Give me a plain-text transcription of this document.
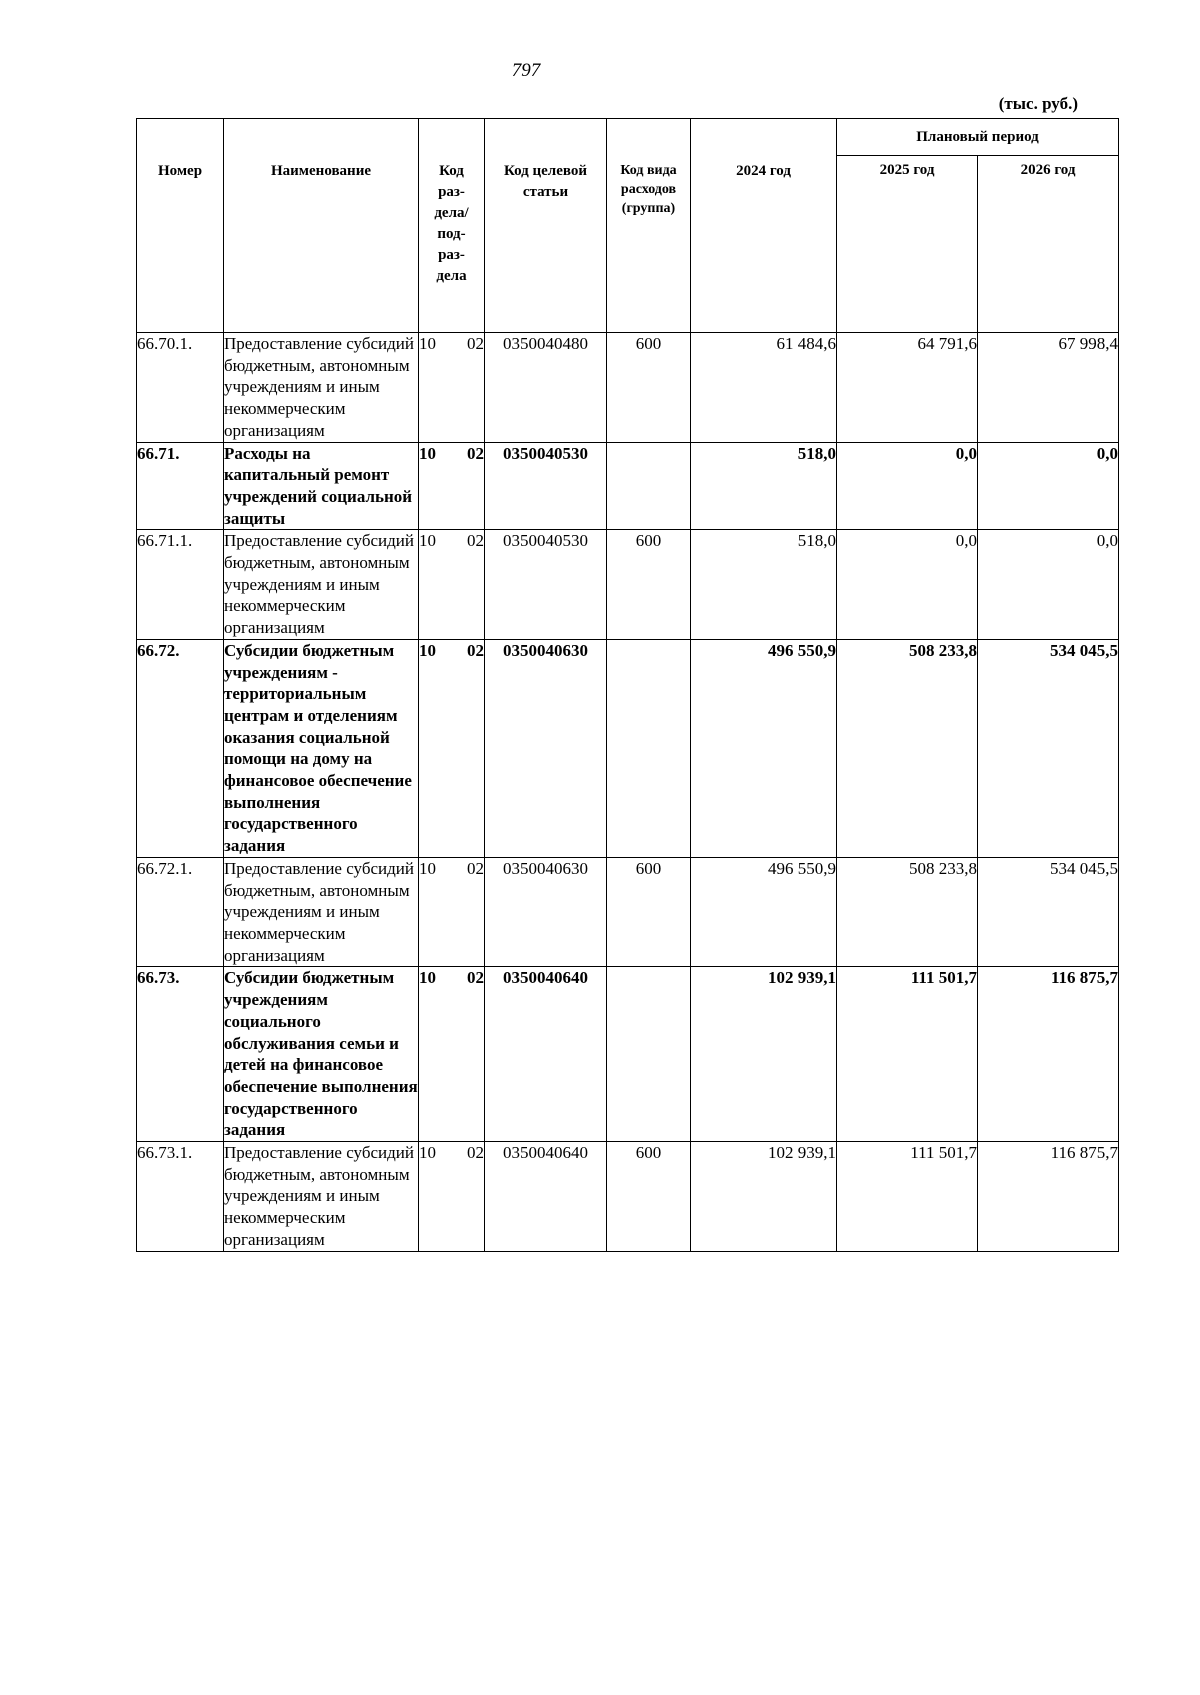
797
(тыс. руб.)
Номер	Наименование	Код раз-дела/ под-раз-дела	Код целевой статьи	Код вида расходов (группа)	2024 год	Плановый период	
						2025 год	2026 год
66.70.1.	Предоставление субсидий бюджетным, автономным учреждениям и иным некоммерческим организациям	10 02	0350040480	600	61 484,6	64 791,6	67 998,4
66.71.	Расходы на капитальный ремонт учреждений социальной защиты	10 02	0350040530		518,0	0,0	0,0
66.71.1.	Предоставление субсидий бюджетным, автономным учреждениям и иным некоммерческим организациям	10 02	0350040530	600	518,0	0,0	0,0
66.72.	Субсидии бюджетным учреждениям - территориальным центрам и отделениям оказания социальной помощи на дому на финансовое обеспечение выполнения государственного задания	10 02	0350040630		496 550,9	508 233,8	534 045,5
66.72.1.	Предоставление субсидий бюджетным, автономным учреждениям и иным некоммерческим организациям	10 02	0350040630	600	496 550,9	508 233,8	534 045,5
66.73.	Субсидии бюджетным учреждениям социального обслуживания семьи и детей на финансовое обеспечение выполнения государственного задания	10 02	0350040640		102 939,1	111 501,7	116 875,7
66.73.1.	Предоставление субсидий бюджетным, автономным учреждениям и иным некоммерческим организациям	10 02	0350040640	600	102 939,1	111 501,7	116 875,7
